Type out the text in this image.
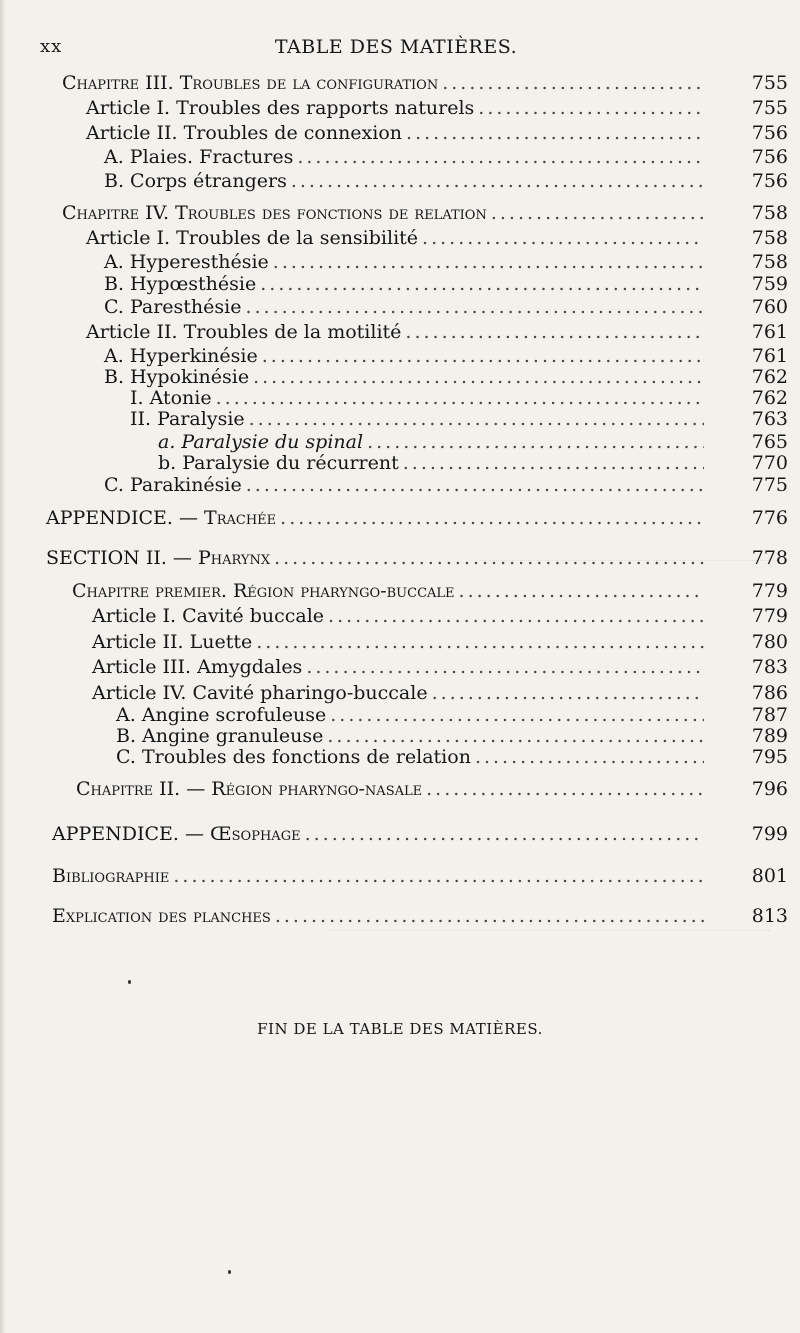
xx	TABLE DES MATIÈRES.
Chapitre III. Troubles de la configuration .....	755
Article I. Troubles des rapports naturels .....	755
Article II. Troubles de connexion .....	756
A. Plaies. Fractures .....	756
B. Corps étrangers .....	756
Chapitre IV. Troubles des fonctions de relation .....	758
Article I. Troubles de la sensibilité .....	758
A. Hyperesthésie .....	758
B. Hypœsthésie .....	759
C. Paresthésie .....	760
Article II. Troubles de la motilité .....	761
A. Hyperkinésie .....	761
B. Hypokinésie .....	762
I. Atonie .....	762
II. Paralysie .....	763
a. Paralysie du spinal .....	765
b. Paralysie du récurrent .....	770
C. Parakinésie .....	775
APPENDICE. — Trachée .....	776
SECTION II. — Pharynx .....	778
Chapitre premier. Région pharyngo-buccale .....	779
Article I. Cavité buccale .....	779
Article II. Luette .....	780
Article III. Amygdales .....	783
Article IV. Cavité pharingo-buccale .....	786
A. Angine scrofuleuse .....	787
B. Angine granuleuse .....	789
C. Troubles des fonctions de relation .....	795
Chapitre II. — Région pharyngo-nasale .....	796
APPENDICE. — Œsophage .....	799
Bibliographie .....	801
Explication des planches .....	813
FIN DE LA TABLE DES MATIÈRES.
